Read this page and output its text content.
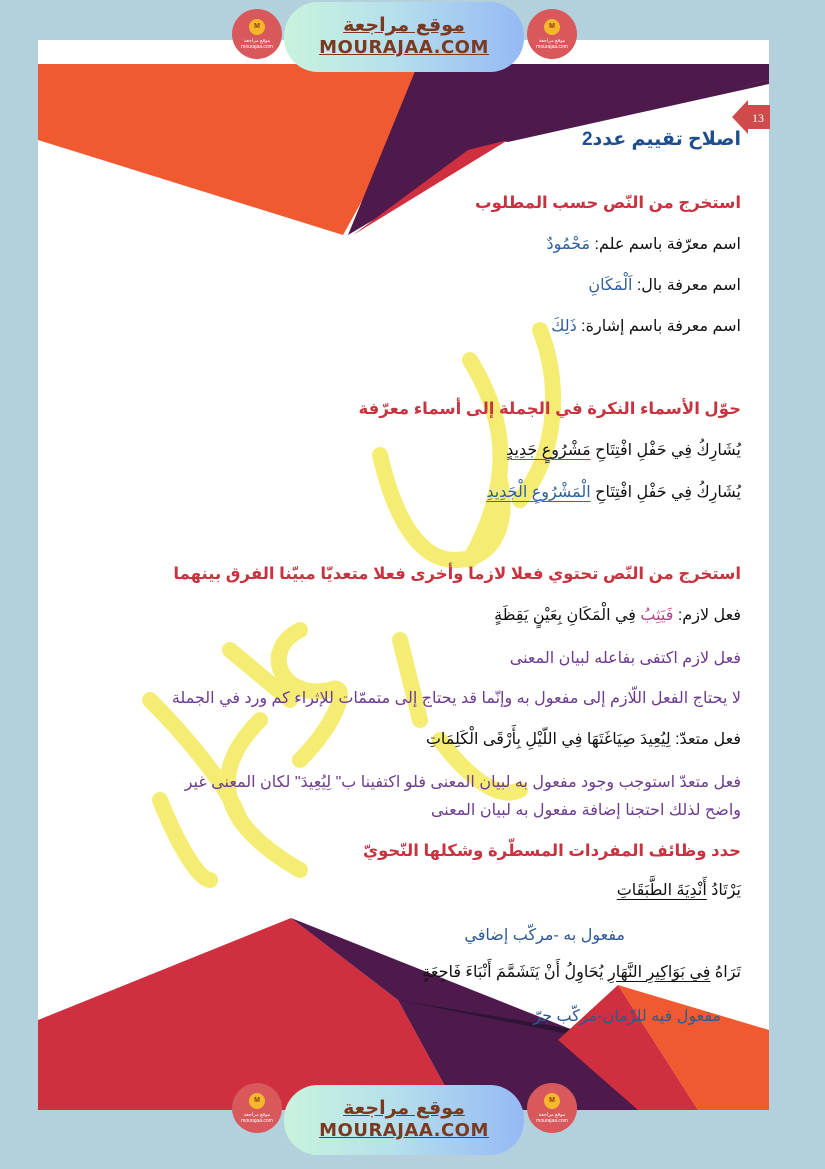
13
M
موقع مراجعة mourajaa.com
موقع مراجعة
MOURAJAA.COM
M
موقع مراجعة mourajaa.com
M
موقع مراجعة mourajaa.com
موقع مراجعة
MOURAJAA.COM
M
موقع مراجعة mourajaa.com
اصلاح تقييم عدد2
استخرج من النّص حسب المطلوب
اسم معرّفة باسم علم: مَحْمُودٌ
اسم معرفة بال: اَلْمَكَانِ
اسم معرفة باسم إشارة: ذَلِكَ
حوّل الأسماء النكرة في الجملة إلى أسماء معرّفة
يُشَارِكُ فِي حَفْلِ افْتِتَاحِ مَشْرُوعٍ جَدِيدٍ
يُشَارِكُ فِي حَفْلِ افْتِتَاحِ الْمَشْرُوعِ الْجَدِيدِ
استخرج من النّص تحتوي فعلا لازما وأخرى فعلا متعديّا مبيّنا الفرق بينهما
فعل لازم: فَيَثِبُ فِي الْمَكَانِ بِعَيْنٍ يَقِظَةٍ
فعل لازم اكتفى بفاعله لبيان المعنى
لا يحتاج الفعل اللّازم إلى مفعول به وإنّما قد يحتاج إلى متممّات للإثراء كم ورد في الجملة
فعل متعدّ: لِيُعِيدَ صِيَاغَتَهَا فِي اللّيْلِ بِأَرْقَى الْكَلِمَاتِ
فعل متعدّ استوجب وجود مفعول به لبيان المعنى فلو اكتفينا ب" لِيُعِيدَ" لكان المعنى غير
واضح لذلك احتجنا إضافة مفعول به لبيان المعنى
حدد وظائف المفردات المسطّرة وشكلها النّحويّ
يَرْتَادُ أَنْدِيَةَ الطَّبَقَاتِ
مفعول به -مركّب إضافي
تَرَاهُ فِي بَوَاكِيرِ النَّهَارِ يُحَاوِلُ أَنْ يَتَشَمَّمَ أَنْبَاءَ فَاجِعَةٍ
مفعول فيه للزّمان-مركّب جرّ
